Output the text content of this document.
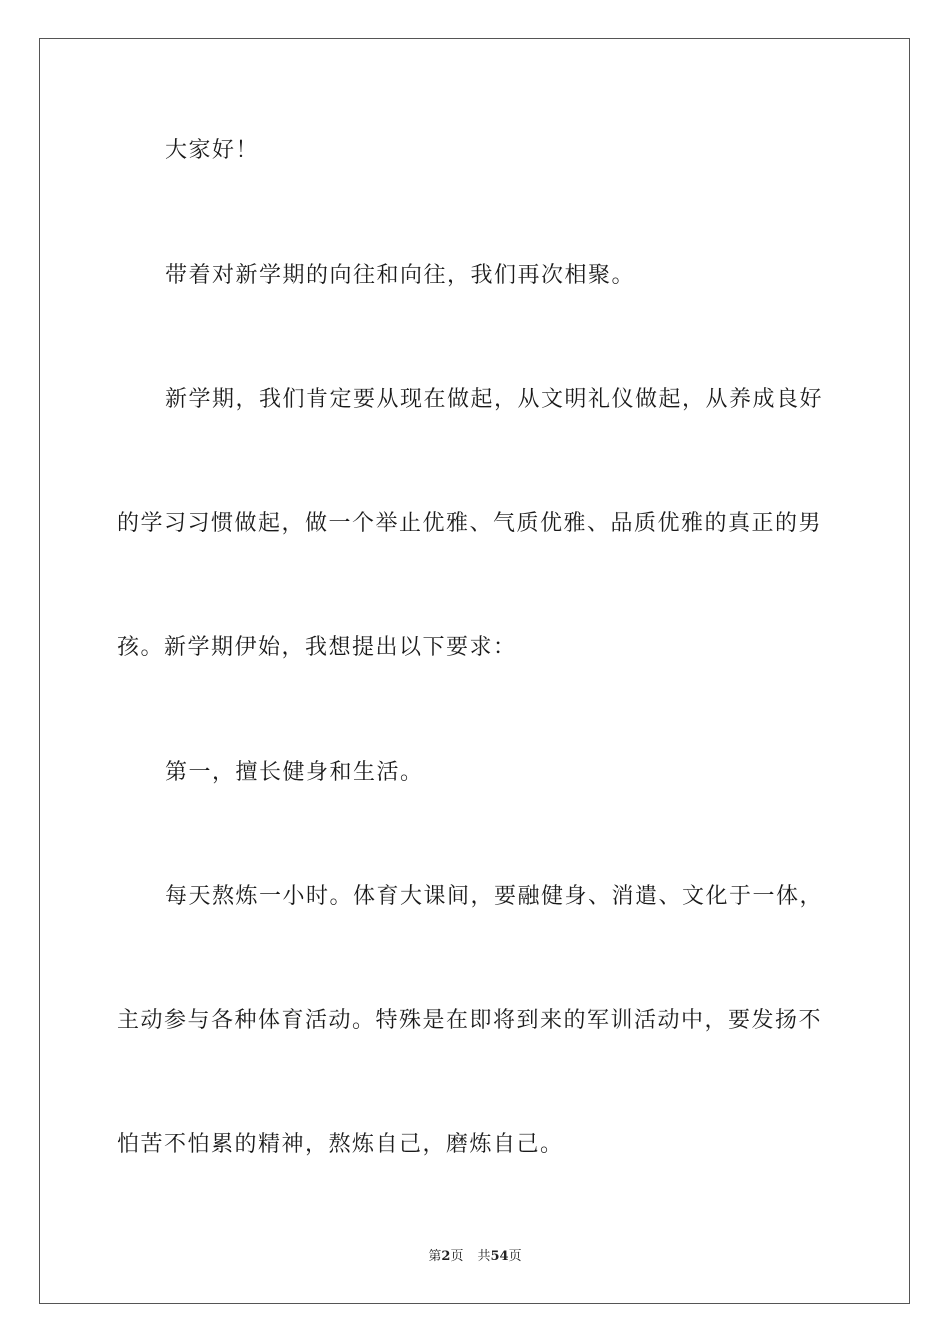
大家好！
带着对新学期的向往和向往，我们再次相聚。
新学期，我们肯定要从现在做起，从文明礼仪做起，从养成良好
的学习习惯做起，做一个举止优雅、气质优雅、品质优雅的真正的男
孩。新学期伊始，我想提出以下要求：
第一，擅长健身和生活。
每天熬炼一小时。体育大课间，要融健身、消遣、文化于一体，
主动参与各种体育活动。特殊是在即将到来的军训活动中，要发扬不
怕苦不怕累的精神，熬炼自己，磨炼自己。
第2页 共54页
